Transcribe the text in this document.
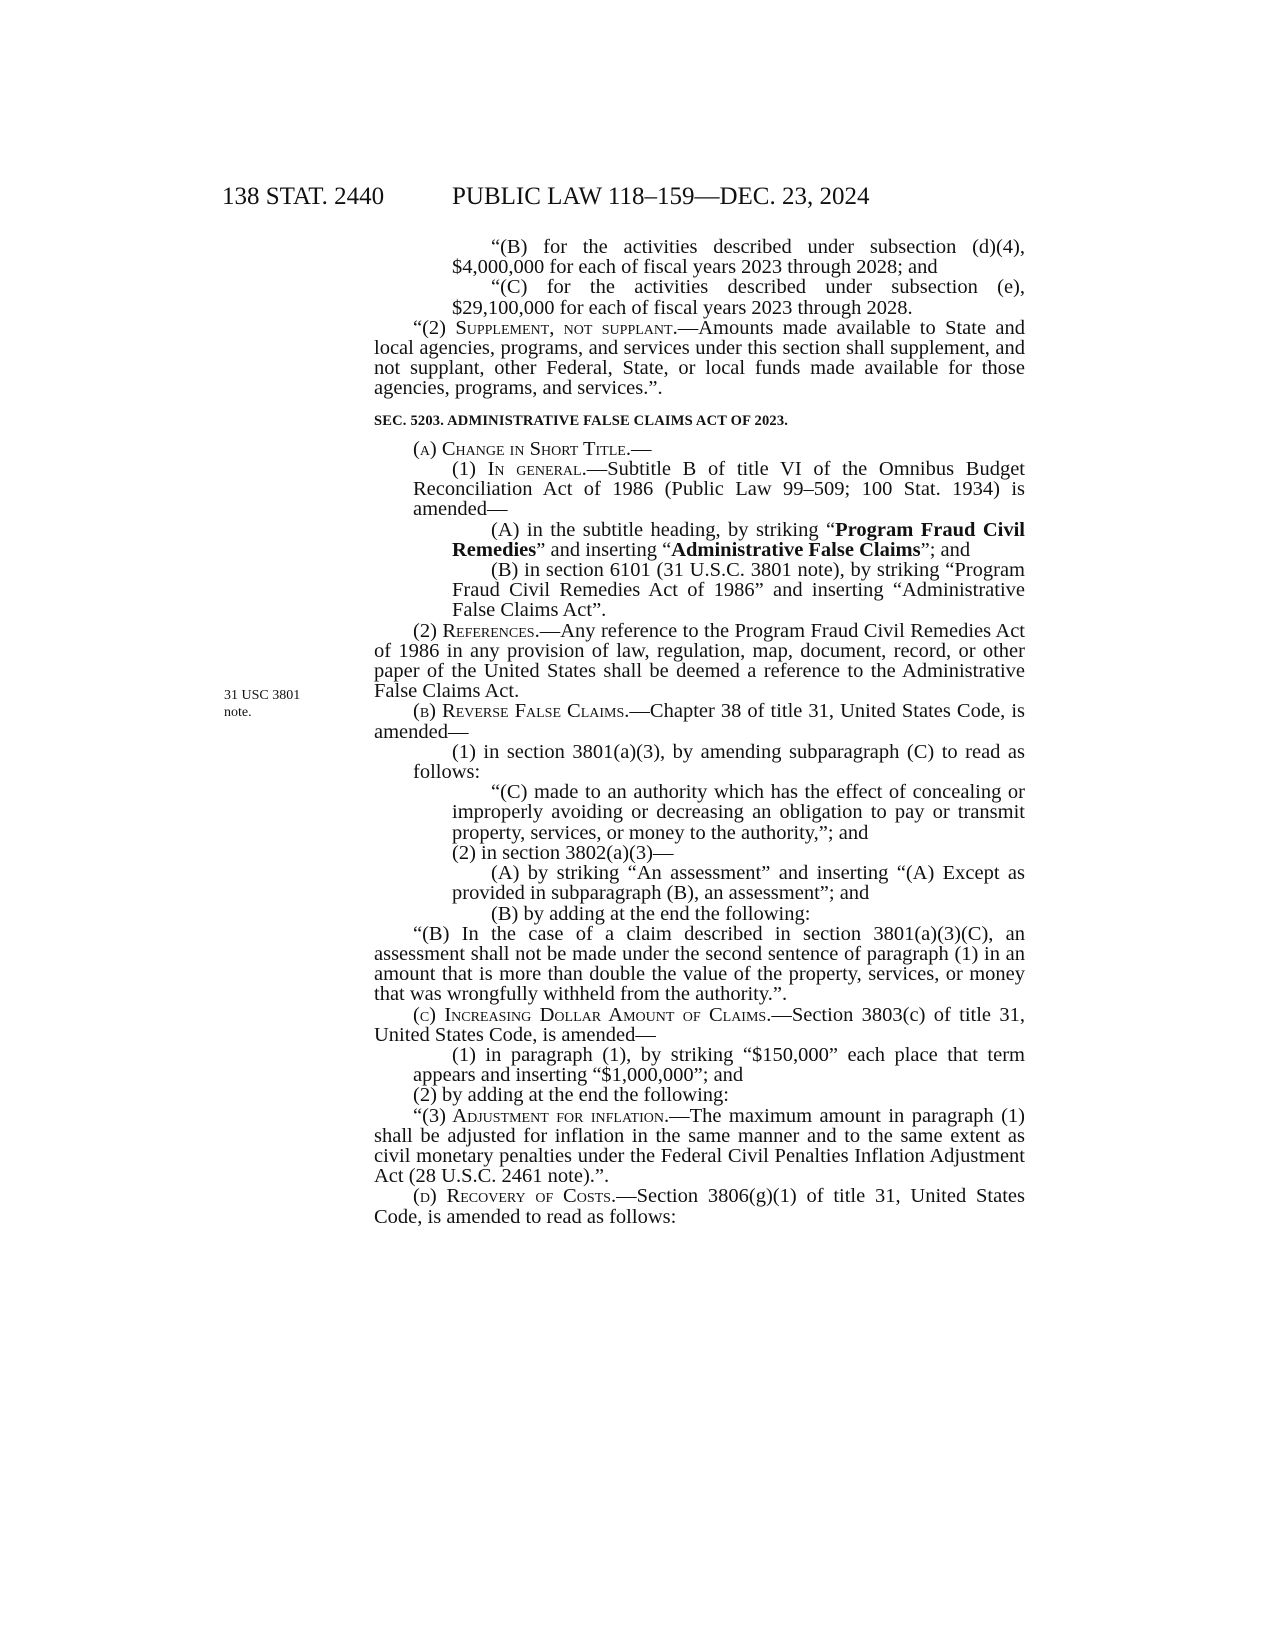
138 STAT. 2440	PUBLIC LAW 118–159—DEC. 23, 2024
31 USC 3801
note.

“(B) for the activities described under subsection (d)(4), $4,000,000 for each of fiscal years 2023 through 2028; and

“(C) for the activities described under subsection (e), $29,100,000 for each of fiscal years 2023 through 2028.

“(2) Supplement, not supplant.—Amounts made available to State and local agencies, programs, and services under this section shall supplement, and not supplant, other Federal, State, or local funds made available for those agencies, programs, and services.”.

SEC. 5203. ADMINISTRATIVE FALSE CLAIMS ACT OF 2023.

(a) Change in Short Title.—

(1) In general.—Subtitle B of title VI of the Omnibus Budget Reconciliation Act of 1986 (Public Law 99–509; 100 Stat. 1934) is amended—

(A) in the subtitle heading, by striking “Program Fraud Civil Remedies” and inserting “Administrative False Claims”; and

(B) in section 6101 (31 U.S.C. 3801 note), by striking “Program Fraud Civil Remedies Act of 1986” and inserting “Administrative False Claims Act”.

(2) References.—Any reference to the Program Fraud Civil Remedies Act of 1986 in any provision of law, regulation, map, document, record, or other paper of the United States shall be deemed a reference to the Administrative False Claims Act.

(b) Reverse False Claims.—Chapter 38 of title 31, United States Code, is amended—

(1) in section 3801(a)(3), by amending subparagraph (C) to read as follows:

“(C) made to an authority which has the effect of concealing or improperly avoiding or decreasing an obligation to pay or transmit property, services, or money to the authority,”; and

(2) in section 3802(a)(3)—

(A) by striking “An assessment” and inserting “(A) Except as provided in subparagraph (B), an assessment”; and

(B) by adding at the end the following:

“(B) In the case of a claim described in section 3801(a)(3)(C), an assessment shall not be made under the second sentence of paragraph (1) in an amount that is more than double the value of the property, services, or money that was wrongfully withheld from the authority.”.

(c) Increasing Dollar Amount of Claims.—Section 3803(c) of title 31, United States Code, is amended—

(1) in paragraph (1), by striking “$150,000” each place that term appears and inserting “$1,000,000”; and

(2) by adding at the end the following:

“(3) Adjustment for inflation.—The maximum amount in paragraph (1) shall be adjusted for inflation in the same manner and to the same extent as civil monetary penalties under the Federal Civil Penalties Inflation Adjustment Act (28 U.S.C. 2461 note).”.

(d) Recovery of Costs.—Section 3806(g)(1) of title 31, United States Code, is amended to read as follows:
